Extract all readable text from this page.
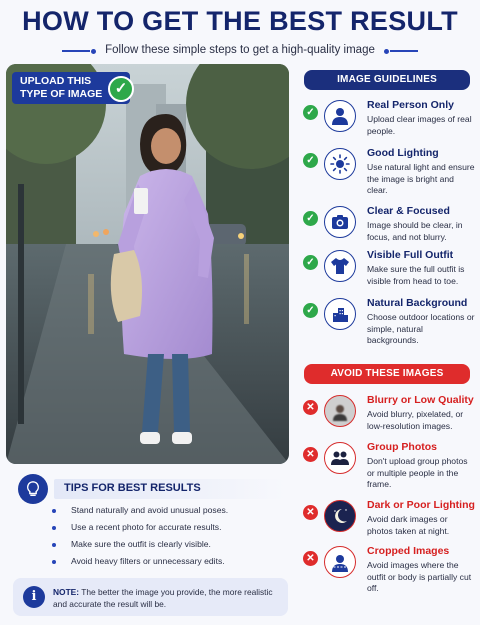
HOW TO GET THE BEST RESULT
Follow these simple steps to get a high-quality image
UPLOAD THIS
TYPE OF IMAGE ✓
IMAGE GUIDELINES
✓
Real Person Only
Upload clear images of real people.
✓
Good Lighting
Use natural light and ensure the image is bright and clear.
✓
Clear & Focused
Image should be clear, in focus, and not blurry.
✓
Visible Full Outfit
Make sure the full outfit is visible from head to toe.
✓
Natural Background
Choose outdoor locations or simple, natural backgrounds.
AVOID THESE IMAGES
✕
Blurry or Low Quality
Avoid blurry, pixelated, or low-resolution images.
✕
Group Photos
Don't upload group photos or multiple people in the frame.
✕
Dark or Poor Lighting
Avoid dark images or photos taken at night.
✕
Cropped Images
Avoid images where the outfit or body is partially cut off.
TIPS FOR BEST RESULTS
Stand naturally and avoid unusual poses.
Use a recent photo for accurate results.
Make sure the outfit is clearly visible.
Avoid heavy filters or unnecessary edits.
i	NOTE: The better the image you provide, the more realistic and accurate the result will be.
